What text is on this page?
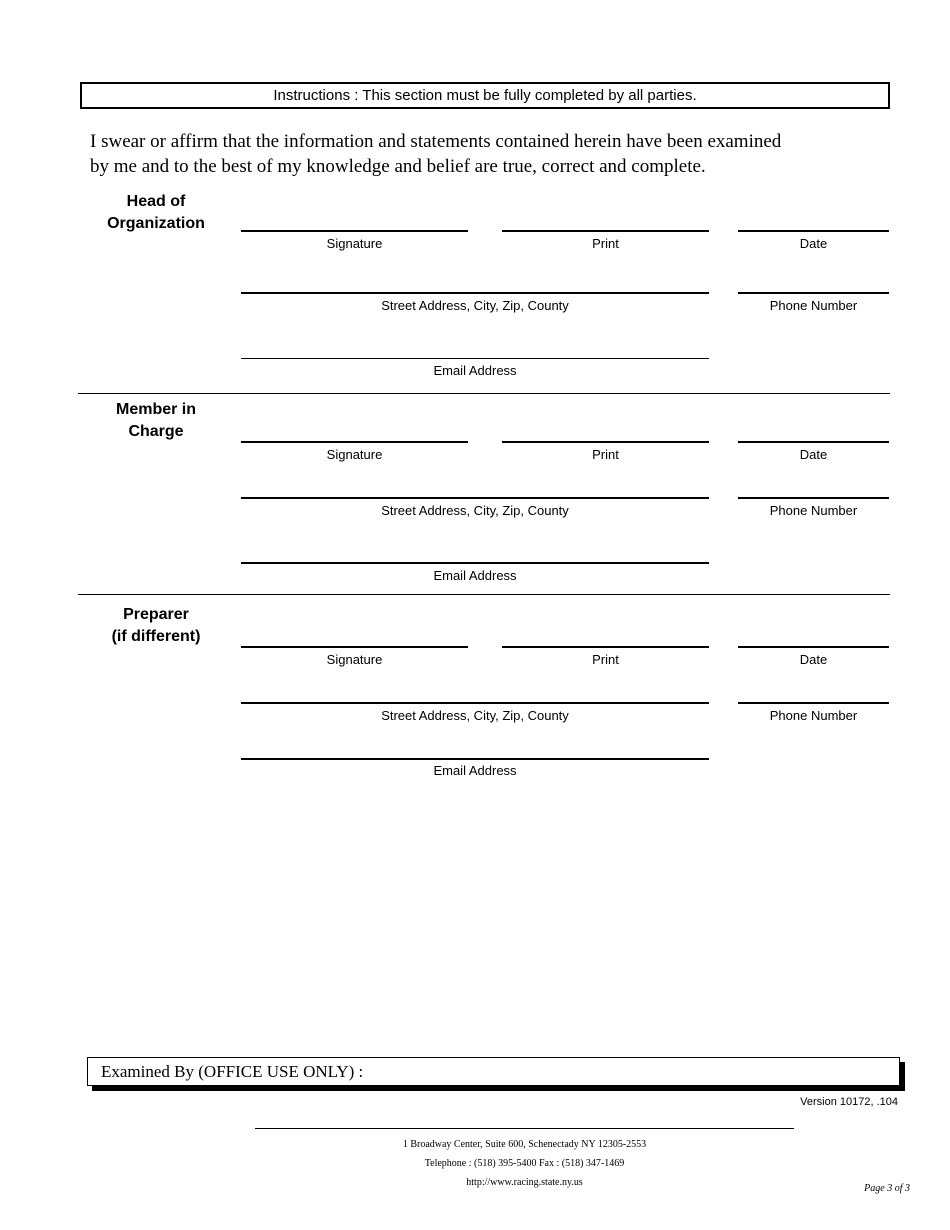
Instructions : This section must be fully completed by all parties.
I swear or affirm that the information and statements contained herein have been examined
by me and to the best of my knowledge and belief are true, correct and complete.
Head of
Organization
Signature	Print	Date
Street Address, City, Zip, County	Phone Number
Email Address
Member in
Charge
Signature	Print	Date
Street Address, City, Zip, County	Phone Number
Email Address
Preparer
(if different)
Signature	Print	Date
Street Address, City, Zip, County	Phone Number
Email Address
Examined By (OFFICE USE ONLY) :
Version 10172, .104
1 Broadway Center, Suite 600, Schenectady NY 12305-2553
Telephone : (518) 395-5400 Fax : (518) 347-1469
http://www.racing.state.ny.us
Page 3 of 3
